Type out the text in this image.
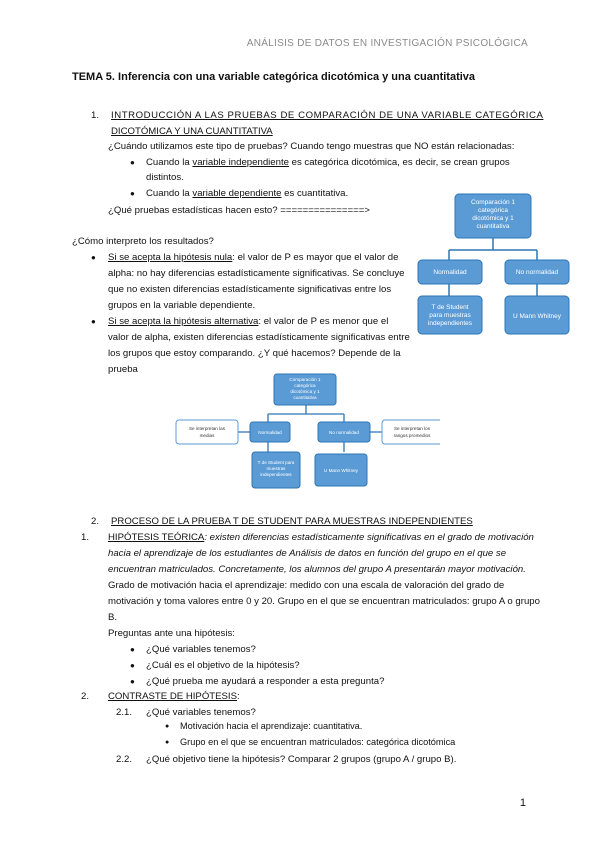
ANÁLISIS DE DATOS EN INVESTIGACIÓN PSICOLÓGICA
TEMA 5. Inferencia con una variable categórica dicotómica y una cuantitativa
1. INTRODUCCIÓN A LAS PRUEBAS DE COMPARACIÓN DE UNA VARIABLE CATEGÓRICA
DICOTÓMICA Y UNA CUANTITATIVA
¿Cuándo utilizamos este tipo de pruebas? Cuando tengo muestras que NO están relacionadas:
● Cuando la variable independiente es categórica dicotómica, es decir, se crean grupos
distintos.
● Cuando la variable dependiente es cuantitativa.
¿Qué pruebas estadísticas hacen esto? ===============>
¿Cómo interpreto los resultados?
● Si se acepta la hipótesis nula: el valor de P es mayor que el valor de
alpha: no hay diferencias estadísticamente significativas. Se concluye
que no existen diferencias estadísticamente significativas entre los
grupos en la variable dependiente.
● Si se acepta la hipótesis alternativa: el valor de P es menor que el
valor de alpha, existen diferencias estadísticamente significativas entre
los grupos que estoy comparando. ¿Y qué hacemos? Depende de la
prueba
Comparación 1
categórica
dicotómica y 1
cuantitativa
Normalidad	No normalidad
T de Student
para muestras
independientes
U Mann Whitney
Comparación 1
categórica
dicotómica y 1
cuantitativa
Normalidad	No normalidad
T de Student para
muestras
independientes
U Mann Whitney
Se interpretan las
medias
Se interpretan los
rangos promedios
2. PROCESO DE LA PRUEBA T DE STUDENT PARA MUESTRAS INDEPENDIENTES
1. HIPÓTESIS TEÓRICA: existen diferencias estadísticamente significativas en el grado de motivación
hacia el aprendizaje de los estudiantes de Análisis de datos en función del grupo en el que se
encuentran matriculados. Concretamente, los alumnos del grupo A presentarán mayor motivación.
Grado de motivación hacia el aprendizaje: medido con una escala de valoración del grado de
motivación y toma valores entre 0 y 20. Grupo en el que se encuentran matriculados: grupo A o grupo
B.
Preguntas ante una hipótesis:
● ¿Qué variables tenemos?
● ¿Cuál es el objetivo de la hipótesis?
● ¿Qué prueba me ayudará a responder a esta pregunta?
2. CONTRASTE DE HIPÓTESIS:
2.1. ¿Qué variables tenemos?
● Motivación hacia el aprendizaje: cuantitativa.
● Grupo en el que se encuentran matriculados: categórica dicotómica
2.2. ¿Qué objetivo tiene la hipótesis? Comparar 2 grupos (grupo A / grupo B).
1
